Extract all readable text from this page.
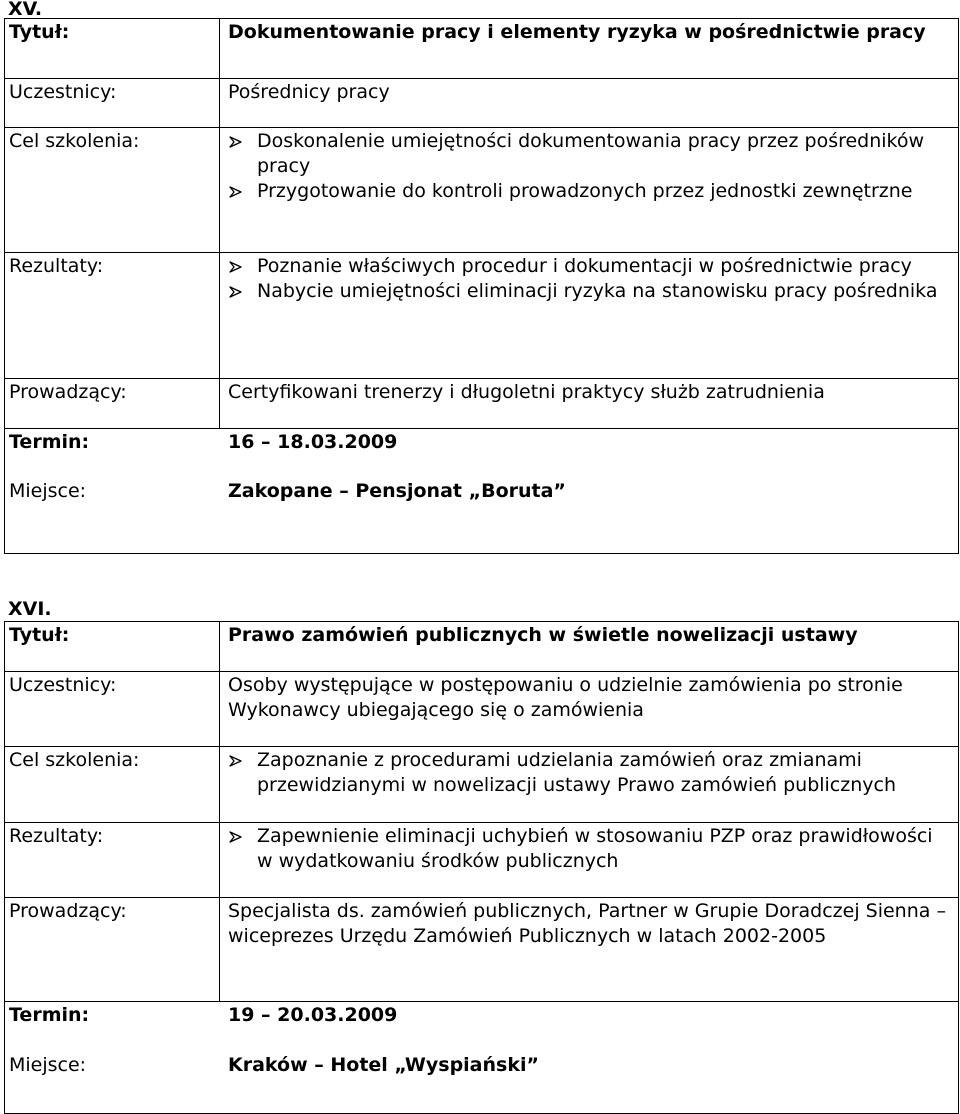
XV.
Tytuł:	Dokumentowanie pracy i elementy ryzyka w pośrednictwie pracy
Uczestnicy:	Pośrednicy pracy
Cel szkolenia:	Doskonalenie umiejętności dokumentowania pracy przez pośredników pracy
Przygotowanie do kontroli prowadzonych przez jednostki zewnętrzne
Rezultaty:	Poznanie właściwych procedur i dokumentacji w pośrednictwie pracy
Nabycie umiejętności eliminacji ryzyka na stanowisku pracy pośrednika
Prowadzący:	Certyfikowani trenerzy i długoletni praktycy służb zatrudnienia
Termin:	16 – 18.03.2009
Miejsce:	Zakopane – Pensjonat „Boruta”
XVI.
Tytuł:	Prawo zamówień publicznych w świetle nowelizacji ustawy
Uczestnicy:	Osoby występujące w postępowaniu o udzielnie zamówienia po stronie Wykonawcy ubiegającego się o zamówienia
Cel szkolenia:	Zapoznanie z procedurami udzielania zamówień oraz zmianami przewidzianymi w nowelizacji ustawy Prawo zamówień publicznych
Rezultaty:	Zapewnienie eliminacji uchybień w stosowaniu PZP oraz prawidłowości w wydatkowaniu środków publicznych
Prowadzący:	Specjalista ds. zamówień publicznych, Partner w Grupie Doradczej Sienna – wiceprezes Urzędu Zamówień Publicznych w latach 2002-2005
Termin:	19 – 20.03.2009
Miejsce:	Kraków – Hotel „Wyspiański”
